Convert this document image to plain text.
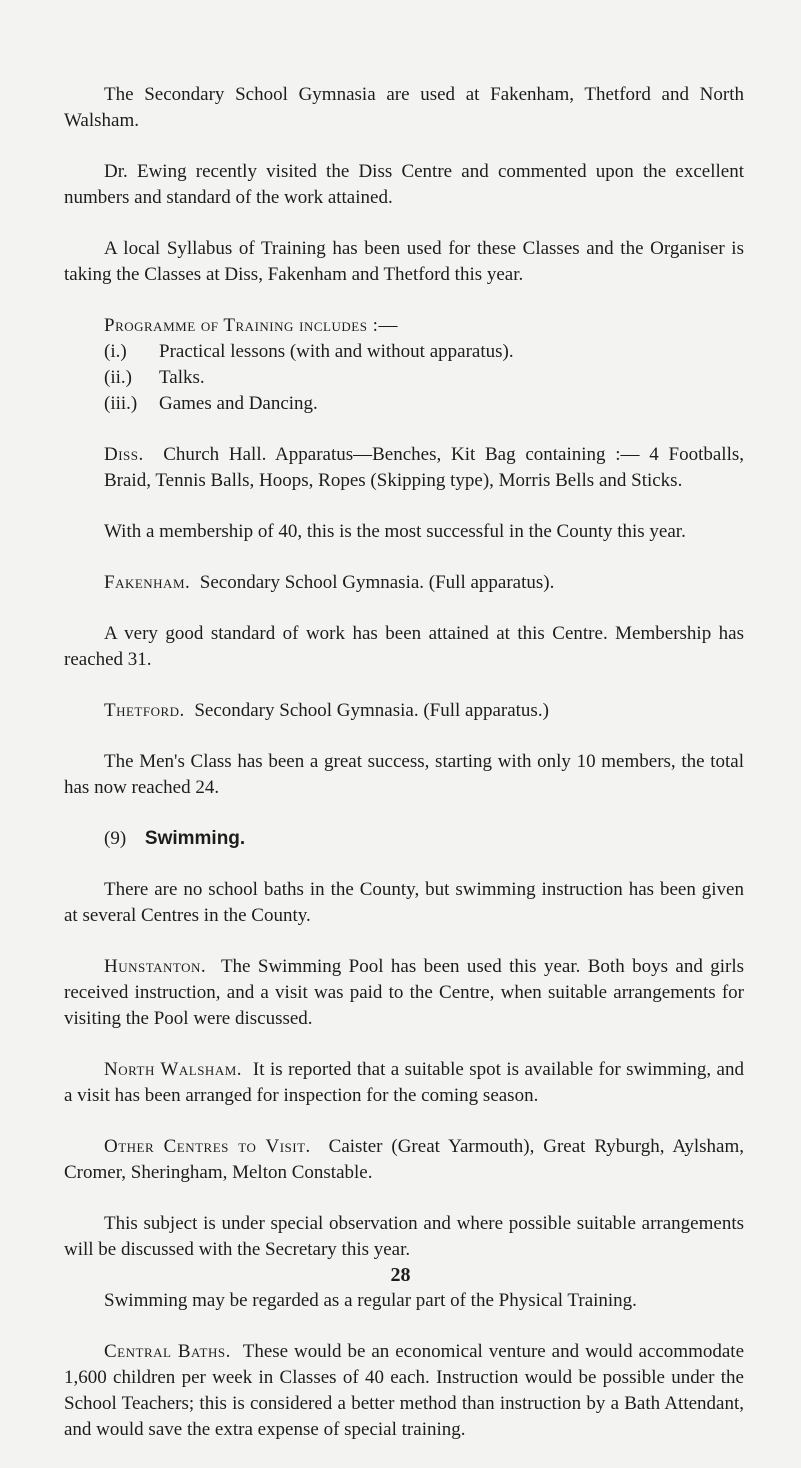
The Secondary School Gymnasia are used at Fakenham, Thetford and North Walsham.

Dr. Ewing recently visited the Diss Centre and commented upon the excellent numbers and standard of the work attained.

A local Syllabus of Training has been used for these Classes and the Organiser is taking the Classes at Diss, Fakenham and Thetford this year.

Programme of Training includes :—

(i.)	Practical lessons (with and without apparatus).
(ii.)	Talks.
(iii.)	Games and Dancing.

Diss. Church Hall. Apparatus—Benches, Kit Bag containing :— 4 Footballs, Braid, Tennis Balls, Hoops, Ropes (Skipping type), Morris Bells and Sticks.

With a membership of 40, this is the most successful in the County this year.

Fakenham. Secondary School Gymnasia. (Full apparatus).

A very good standard of work has been attained at this Centre. Membership has reached 31.

Thetford. Secondary School Gymnasia. (Full apparatus.)

The Men's Class has been a great success, starting with only 10 members, the total has now reached 24.

(9) Swimming.

There are no school baths in the County, but swimming instruction has been given at several Centres in the County.

Hunstanton. The Swimming Pool has been used this year. Both boys and girls received instruction, and a visit was paid to the Centre, when suitable arrangements for visiting the Pool were discussed.

North Walsham. It is reported that a suitable spot is available for swimming, and a visit has been arranged for inspection for the coming season.

Other Centres to Visit. Caister (Great Yarmouth), Great Ryburgh, Aylsham, Cromer, Sheringham, Melton Constable.

This subject is under special observation and where possible suitable arrangements will be discussed with the Secretary this year.

Swimming may be regarded as a regular part of the Physical Training.

Central Baths. These would be an economical venture and would accommodate 1,600 children per week in Classes of 40 each. Instruction would be possible under the School Teachers; this is considered a better method than instruction by a Bath Attendant, and would save the extra expense of special training.

28
